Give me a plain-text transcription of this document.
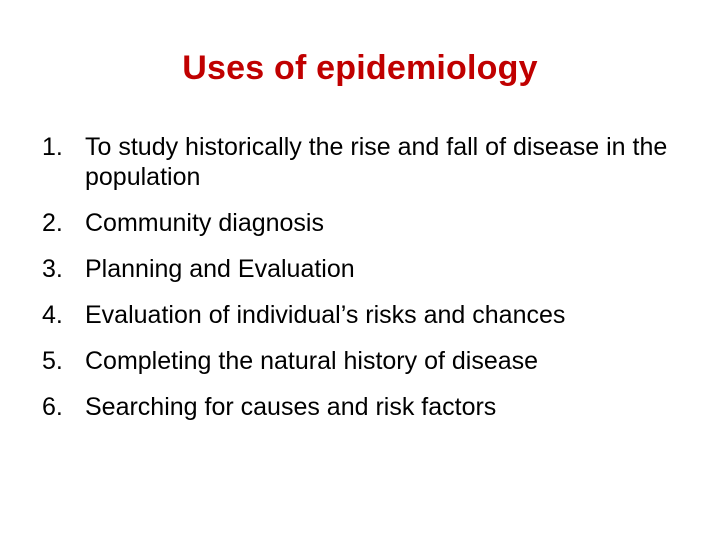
Uses of epidemiology
1. To study historically the rise and fall of disease in the population
2. Community diagnosis
3. Planning and Evaluation
4. Evaluation of individual’s risks and chances
5. Completing the natural history of disease
6. Searching for causes and risk factors
